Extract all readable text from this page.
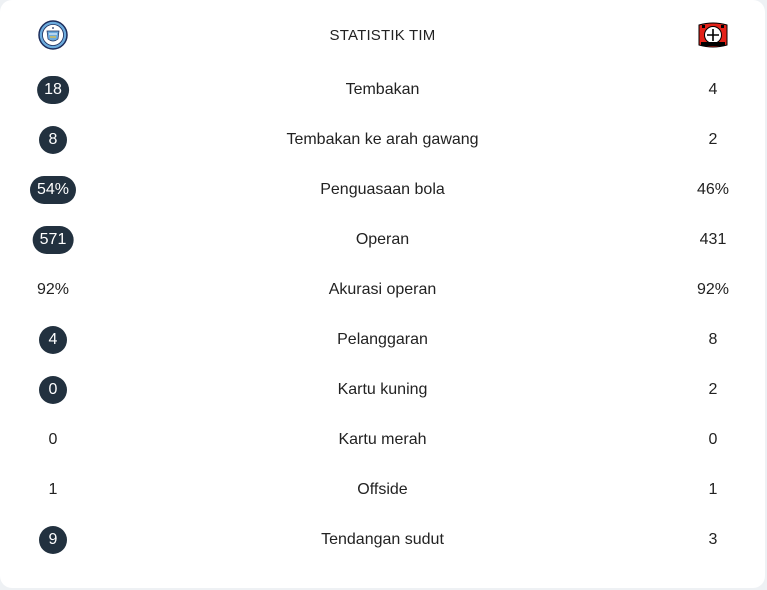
STATISTIK TIM
18	Tembakan	4
8	Tembakan ke arah gawang	2
54%	Penguasaan bola	46%
571	Operan	431
92%	Akurasi operan	92%
4	Pelanggaran	8
0	Kartu kuning	2
0	Kartu merah	0
1	Offside	1
9	Tendangan sudut	3
